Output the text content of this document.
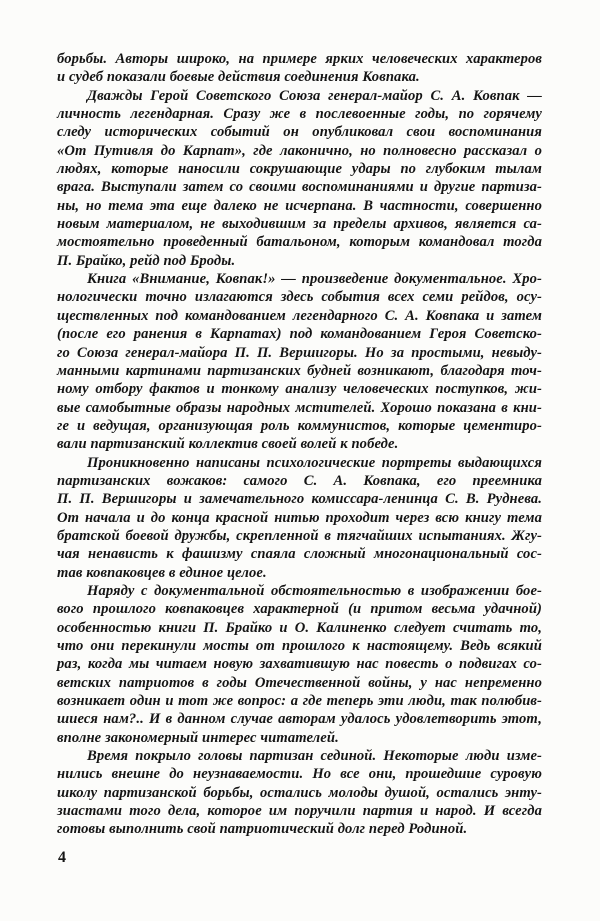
борьбы. Авторы широко, на примере ярких человеческих характеров
и судеб показали боевые действия соединения Ковпака.
Дважды Герой Советского Союза генерал-майор С. А. Ковпак —
личность легендарная. Сразу же в послевоенные годы, по горячему
следу исторических событий он опубликовал свои воспоминания
«От Путивля до Карпат», где лаконично, но полновесно рассказал о
людях, которые наносили сокрушающие удары по глубоким тылам
врага. Выступали затем со своими воспоминаниями и другие партиза-
ны, но тема эта еще далеко не исчерпана. В частности, совершенно
новым материалом, не выходившим за пределы архивов, является са-
мостоятельно проведенный батальоном, которым командовал тогда
П. Брайко, рейд под Броды.
Книга «Внимание, Ковпак!» — произведение документальное. Хро-
нологически точно излагаются здесь события всех семи рейдов, осу-
ществленных под командованием легендарного С. А. Ковпака и затем
(после его ранения в Карпатах) под командованием Героя Советско-
го Союза генерал-майора П. П. Вершигоры. Но за простыми, невыду-
манными картинами партизанских будней возникают, благодаря точ-
ному отбору фактов и тонкому анализу человеческих поступков, жи-
вые самобытные образы народных мстителей. Хорошо показана в кни-
ге и ведущая, организующая роль коммунистов, которые цементиро-
вали партизанский коллектив своей волей к победе.
Проникновенно написаны психологические портреты выдающихся
партизанских вожаков: самого С. А. Ковпака, его преемника
П. П. Вершигоры и замечательного комиссара-ленинца С. В. Руднева.
От начала и до конца красной нитью проходит через всю книгу тема
братской боевой дружбы, скрепленной в тягчайших испытаниях. Жгу-
чая ненависть к фашизму спаяла сложный многонациональный сос-
тав ковпаковцев в единое целое.
Наряду с документальной обстоятельностью в изображении бое-
вого прошлого ковпаковцев характерной (и притом весьма удачной)
особенностью книги П. Брайко и О. Калиненко следует считать то,
что они перекинули мосты от прошлого к настоящему. Ведь всякий
раз, когда мы читаем новую захватившую нас повесть о подвигах со-
ветских патриотов в годы Отечественной войны, у нас непременно
возникает один и тот же вопрос: а где теперь эти люди, так полюбив-
шиеся нам?.. И в данном случае авторам удалось удовлетворить этот,
вполне закономерный интерес читателей.
Время покрыло головы партизан сединой. Некоторые люди изме-
нились внешне до неузнаваемости. Но все они, прошедшие суровую
школу партизанской борьбы, остались молоды душой, остались энту-
зиастами того дела, которое им поручили партия и народ. И всегда
готовы выполнить свой патриотический долг перед Родиной.
4
